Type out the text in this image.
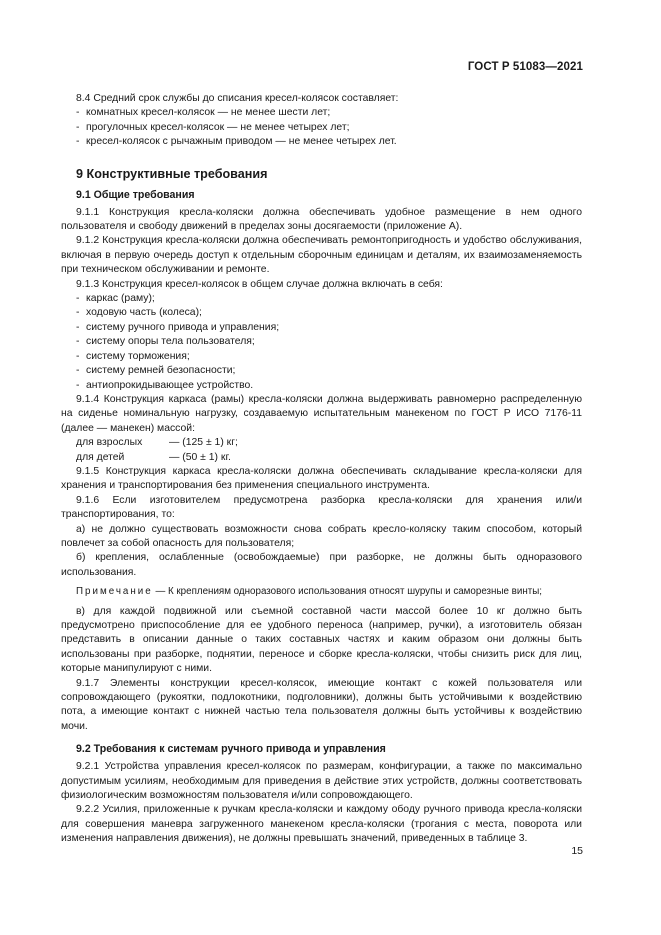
ГОСТ Р 51083—2021

8.4 Средний срок службы до списания кресел-колясок составляет:

- комнатных кресел-колясок — не менее шести лет;

- прогулочных кресел-колясок — не менее четырех лет;

- кресел-колясок с рычажным приводом — не менее четырех лет.

9 Конструктивные требования
9.1 Общие требования

9.1.1 Конструкция кресла-коляски должна обеспечивать удобное размещение в нем одного пользователя и свободу движений в пределах зоны досягаемости (приложение А).

9.1.2 Конструкция кресла-коляски должна обеспечивать ремонтопригодность и удобство обслуживания, включая в первую очередь доступ к отдельным сборочным единицам и деталям, их взаимозаменяемость при техническом обслуживании и ремонте.

9.1.3 Конструкция кресел-колясок в общем случае должна включать в себя:

- каркас (раму);

- ходовую часть (колеса);

- систему ручного привода и управления;

- систему опоры тела пользователя;

- систему торможения;

- систему ремней безопасности;

- антиопрокидывающее устройство.

9.1.4 Конструкция каркаса (рамы) кресла-коляски должна выдерживать равномерно распределенную на сиденье номинальную нагрузку, создаваемую испытательным манекеном по ГОСТ Р ИСО 7176-11 (далее — манекен) массой:

для взрослых	— (125 ± 1) кг;

для детей	— (50 ± 1) кг.

9.1.5 Конструкция каркаса кресла-коляски должна обеспечивать складывание кресла-коляски для хранения и транспортирования без применения специального инструмента.

9.1.6 Если изготовителем предусмотрена разборка кресла-коляски для хранения или/и транспортирования, то:

а) не должно существовать возможности снова собрать кресло-коляску таким способом, который повлечет за собой опасность для пользователя;

б) крепления, ослабленные (освобождаемые) при разборке, не должны быть одноразового использования.

Примечание — К креплениям одноразового использования относят шурупы и саморезные винты;

в) для каждой подвижной или съемной составной части массой более 10 кг должно быть предусмотрено приспособление для ее удобного переноса (например, ручки), а изготовитель обязан представить в описании данные о таких составных частях и каким образом они должны быть использованы при разборке, поднятии, переносе и сборке кресла-коляски, чтобы снизить риск для лиц, которые манипулируют с ними.

9.1.7 Элементы конструкции кресел-колясок, имеющие контакт с кожей пользователя или сопровождающего (рукоятки, подлокотники, подголовники), должны быть устойчивыми к воздействию пота, а имеющие контакт с нижней частью тела пользователя должны быть устойчивы к воздействию мочи.

9.2 Требования к системам ручного привода и управления

9.2.1 Устройства управления кресел-колясок по размерам, конфигурации, а также по максимально допустимым усилиям, необходимым для приведения в действие этих устройств, должны соответствовать физиологическим возможностям пользователя и/или сопровождающего.

9.2.2 Усилия, приложенные к ручкам кресла-коляски и каждому ободу ручного привода кресла-коляски для совершения маневра загруженного манекеном кресла-коляски (трогания с места, поворота или изменения направления движения), не должны превышать значений, приведенных в таблице 3.

15
